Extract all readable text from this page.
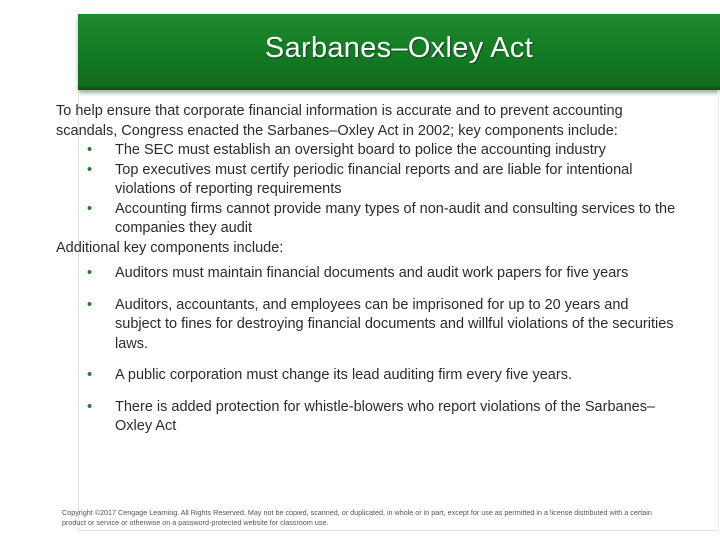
Sarbanes–Oxley Act

To help ensure that corporate financial information is accurate and to prevent accounting scandals, Congress enacted the Sarbanes–Oxley Act in 2002; key components include:

• The SEC must establish an oversight board to police the accounting industry
• Top executives must certify periodic financial reports and are liable for intentional violations of reporting requirements
• Accounting firms cannot provide many types of non-audit and consulting services to the companies they audit

Additional key components include:

• Auditors must maintain financial documents and audit work papers for five years
• Auditors, accountants, and employees can be imprisoned for up to 20 years and subject to fines for destroying financial documents and willful violations of the securities laws.
• A public corporation must change its lead auditing firm every five years.
• There is added protection for whistle-blowers who report violations of the Sarbanes–Oxley Act
Copyright ©2017 Cengage Learning. All Rights Reserved. May not be copied, scanned, or duplicated, in whole or in part, except for use as permitted in a license distributed with a certain product or service or otherwise on a password-protected website for classroom use.
